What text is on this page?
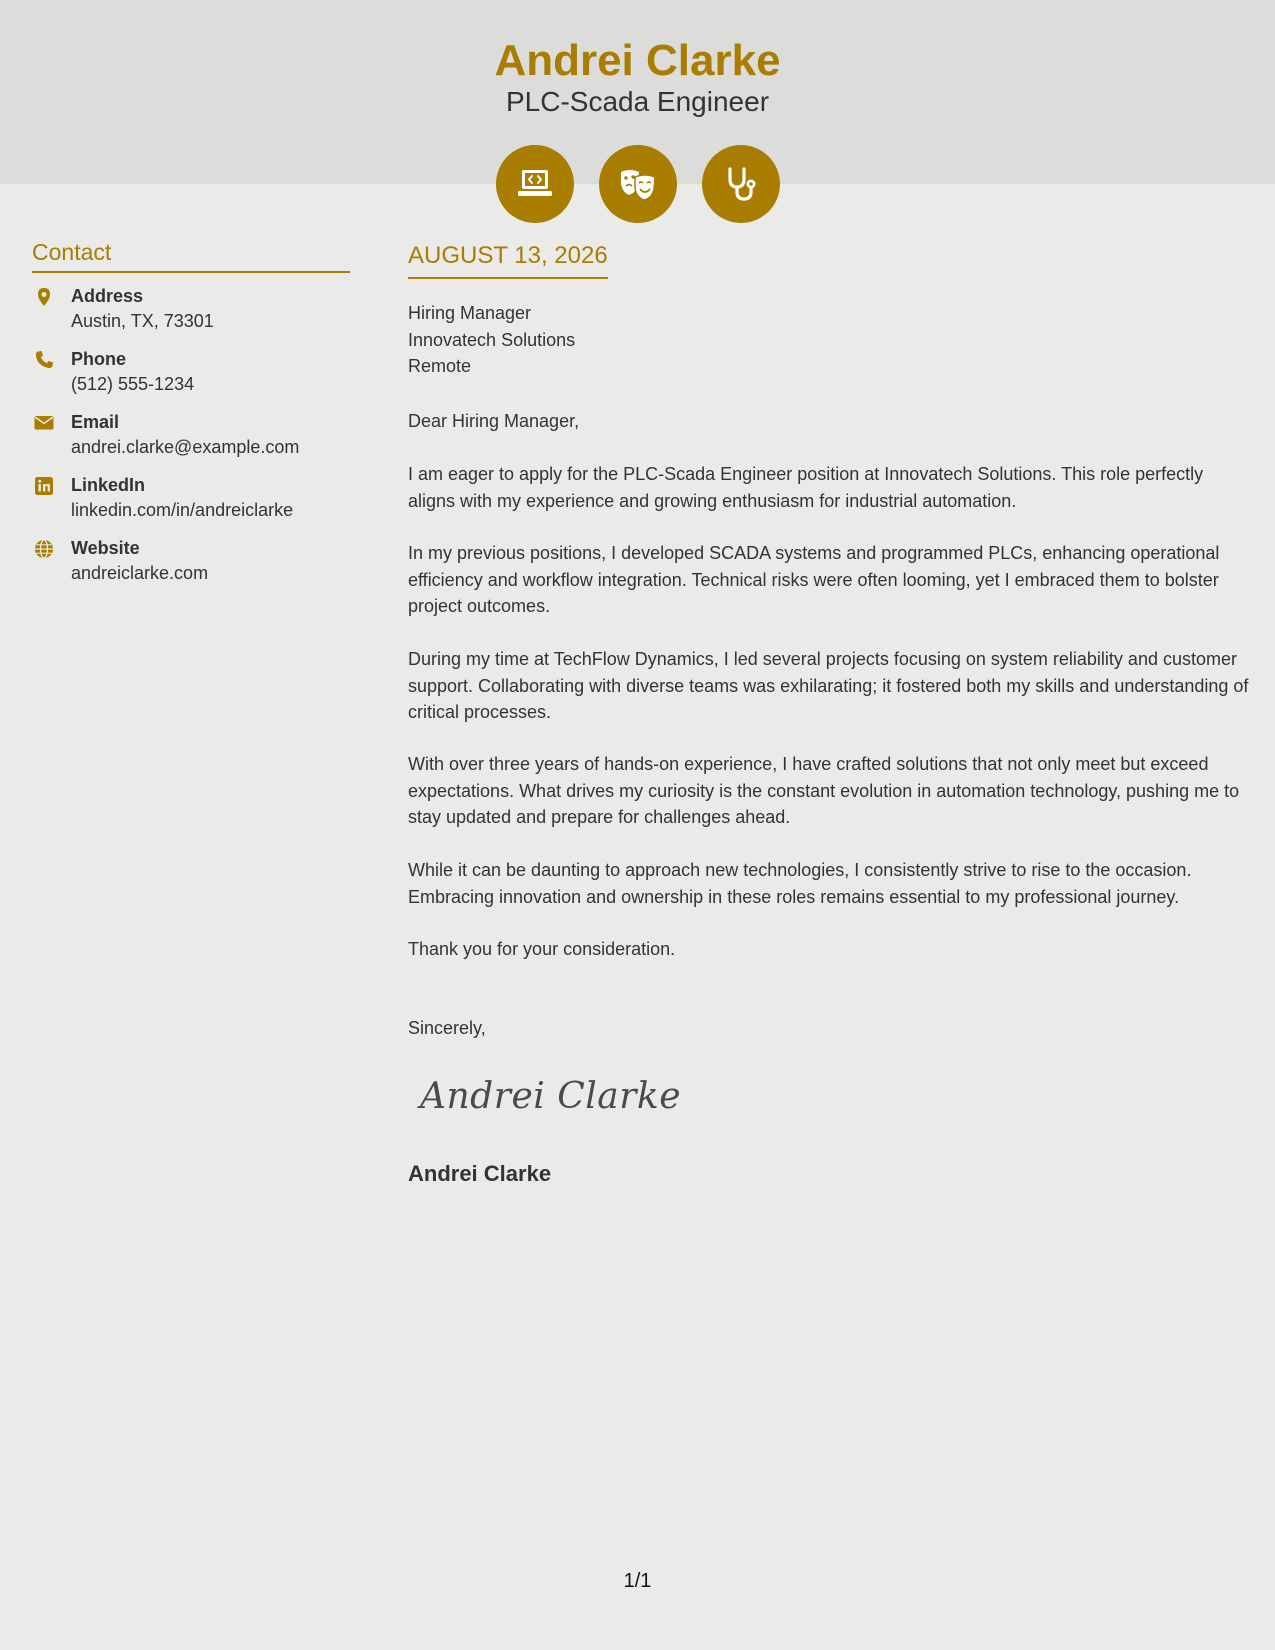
Andrei Clarke
PLC-Scada Engineer
Contact
Address
Austin, TX, 73301
Phone
(512) 555-1234
Email
andrei.clarke@example.com
LinkedIn
linkedin.com/in/andreiclarke
Website
andreiclarke.com
AUGUST 13, 2026
Hiring Manager
Innovatech Solutions
Remote

Dear Hiring Manager,

I am eager to apply for the PLC-Scada Engineer position at Innovatech Solutions. This role perfectly aligns with my experience and growing enthusiasm for industrial automation.

In my previous positions, I developed SCADA systems and programmed PLCs, enhancing operational efficiency and workflow integration. Technical risks were often looming, yet I embraced them to bolster project outcomes.

During my time at TechFlow Dynamics, I led several projects focusing on system reliability and customer support. Collaborating with diverse teams was exhilarating; it fostered both my skills and understanding of critical processes.

With over three years of hands-on experience, I have crafted solutions that not only meet but exceed expectations. What drives my curiosity is the constant evolution in automation technology, pushing me to stay updated and prepare for challenges ahead.

While it can be daunting to approach new technologies, I consistently strive to rise to the occasion. Embracing innovation and ownership in these roles remains essential to my professional journey.

Thank you for your consideration.

Sincerely,

Andrei Clarke
Andrei Clarke
1/1
